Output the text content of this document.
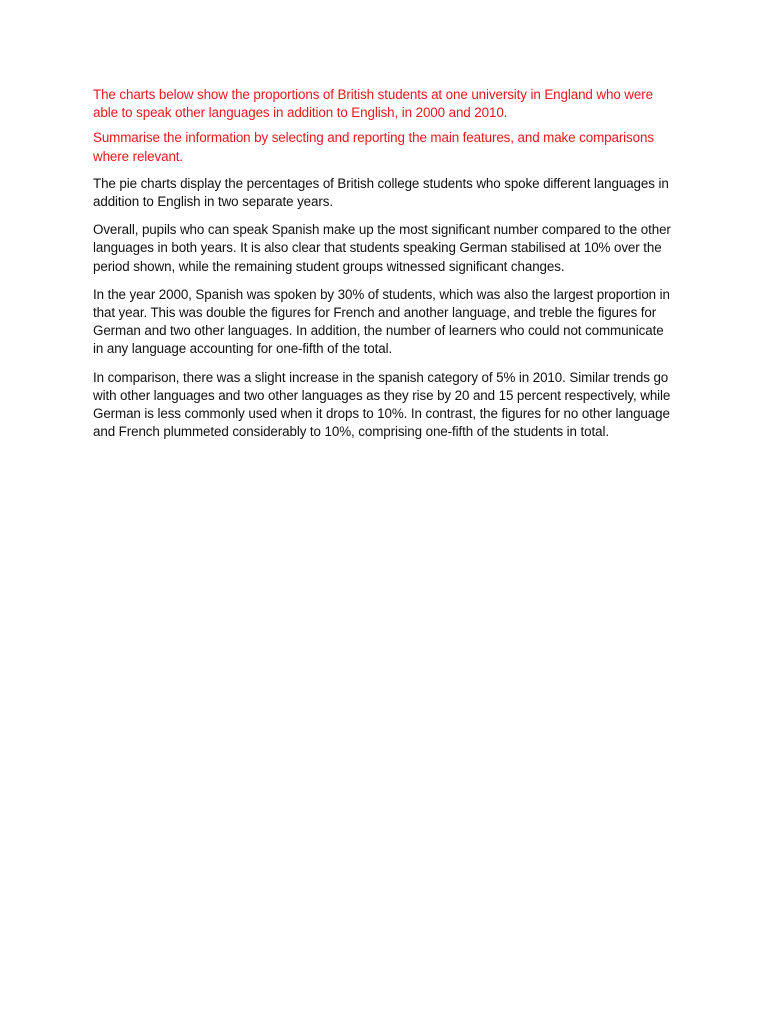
The charts below show the proportions of British students at one university in England who were able to speak other languages in addition to English, in 2000 and 2010.

Summarise the information by selecting and reporting the main features, and make comparisons where relevant.

The pie charts display the percentages of British college students who spoke different languages in addition to English in two separate years.

Overall, pupils who can speak Spanish make up the most significant number compared to the other languages in both years. It is also clear that students speaking German stabilised at 10% over the period shown, while the remaining student groups witnessed significant changes.

In the year 2000, Spanish was spoken by 30% of students, which was also the largest proportion in that year. This was double the figures for French and another language, and treble the figures for German and two other languages. In addition, the number of learners who could not communicate in any language accounting for one-fifth of the total.

In comparison, there was a slight increase in the spanish category of 5% in 2010. Similar trends go with other languages and two other languages as they rise by 20 and 15 percent respectively, while German is less commonly used when it drops to 10%. In contrast, the figures for no other language and French plummeted considerably to 10%, comprising one-fifth of the students in total.
